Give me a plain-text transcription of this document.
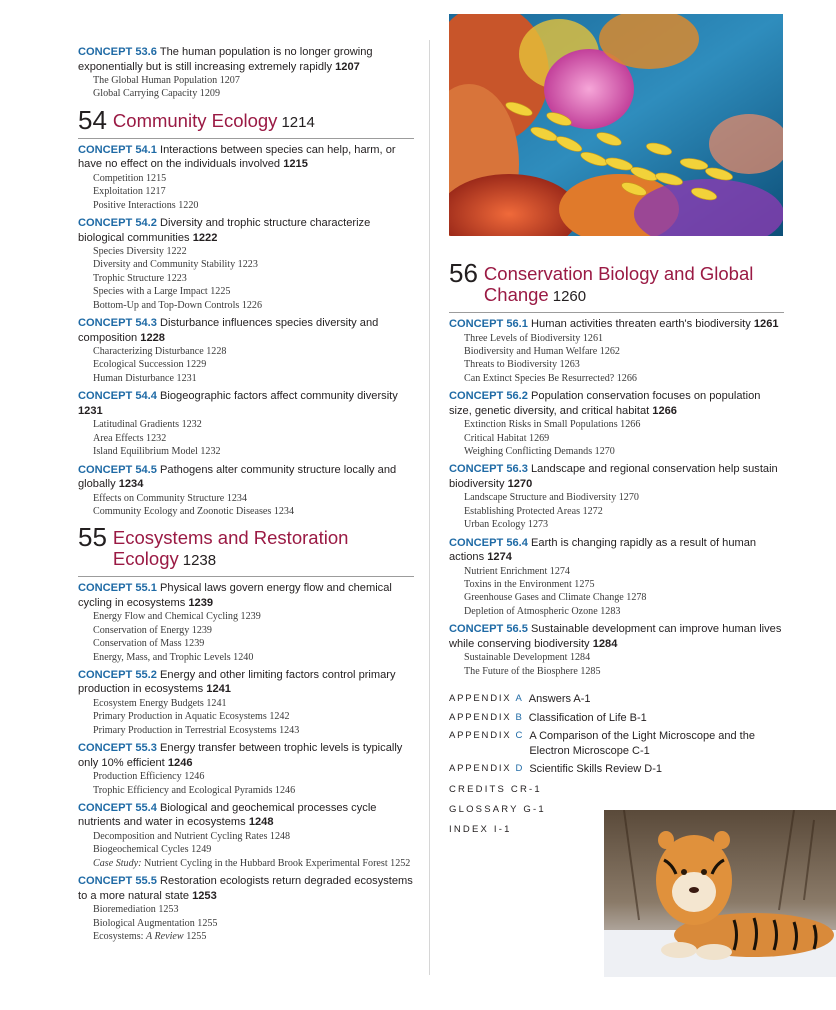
CONCEPT 53.6 The human population is no longer growing exponentially but is still increasing extremely rapidly 1207
The Global Human Population 1207
Global Carrying Capacity 1209
54 Community Ecology 1214
CONCEPT 54.1 Interactions between species can help, harm, or have no effect on the individuals involved 1215
Competition 1215
Exploitation 1217
Positive Interactions 1220
CONCEPT 54.2 Diversity and trophic structure characterize biological communities 1222
Species Diversity 1222
Diversity and Community Stability 1223
Trophic Structure 1223
Species with a Large Impact 1225
Bottom-Up and Top-Down Controls 1226
CONCEPT 54.3 Disturbance influences species diversity and composition 1228
Characterizing Disturbance 1228
Ecological Succession 1229
Human Disturbance 1231
CONCEPT 54.4 Biogeographic factors affect community diversity 1231
Latitudinal Gradients 1232
Area Effects 1232
Island Equilibrium Model 1232
CONCEPT 54.5 Pathogens alter community structure locally and globally 1234
Effects on Community Structure 1234
Community Ecology and Zoonotic Diseases 1234
55 Ecosystems and Restoration Ecology 1238
CONCEPT 55.1 Physical laws govern energy flow and chemical cycling in ecosystems 1239
Energy Flow and Chemical Cycling 1239
Conservation of Energy 1239
Conservation of Mass 1239
Energy, Mass, and Trophic Levels 1240
CONCEPT 55.2 Energy and other limiting factors control primary production in ecosystems 1241
Ecosystem Energy Budgets 1241
Primary Production in Aquatic Ecosystems 1242
Primary Production in Terrestrial Ecosystems 1243
CONCEPT 55.3 Energy transfer between trophic levels is typically only 10% efficient 1246
Production Efficiency 1246
Trophic Efficiency and Ecological Pyramids 1246
CONCEPT 55.4 Biological and geochemical processes cycle nutrients and water in ecosystems 1248
Decomposition and Nutrient Cycling Rates 1248
Biogeochemical Cycles 1249
Case Study: Nutrient Cycling in the Hubbard Brook Experimental Forest 1252
CONCEPT 55.5 Restoration ecologists return degraded ecosystems to a more natural state 1253
Bioremediation 1253
Biological Augmentation 1255
Ecosystems: A Review 1255
56 Conservation Biology and Global Change 1260
CONCEPT 56.1 Human activities threaten earth's biodiversity 1261
Three Levels of Biodiversity 1261
Biodiversity and Human Welfare 1262
Threats to Biodiversity 1263
Can Extinct Species Be Resurrected? 1266
CONCEPT 56.2 Population conservation focuses on population size, genetic diversity, and critical habitat 1266
Extinction Risks in Small Populations 1266
Critical Habitat 1269
Weighing Conflicting Demands 1270
CONCEPT 56.3 Landscape and regional conservation help sustain biodiversity 1270
Landscape Structure and Biodiversity 1270
Establishing Protected Areas 1272
Urban Ecology 1273
CONCEPT 56.4 Earth is changing rapidly as a result of human actions 1274
Nutrient Enrichment 1274
Toxins in the Environment 1275
Greenhouse Gases and Climate Change 1278
Depletion of Atmospheric Ozone 1283
CONCEPT 56.5 Sustainable development can improve human lives while conserving biodiversity 1284
Sustainable Development 1284
The Future of the Biosphere 1285
APPENDIX A Answers A-1
APPENDIX B Classification of Life B-1
APPENDIX C A Comparison of the Light Microscope and the Electron Microscope C-1
APPENDIX D Scientific Skills Review D-1
CREDITS CR-1
GLOSSARY G-1
INDEX I-1
